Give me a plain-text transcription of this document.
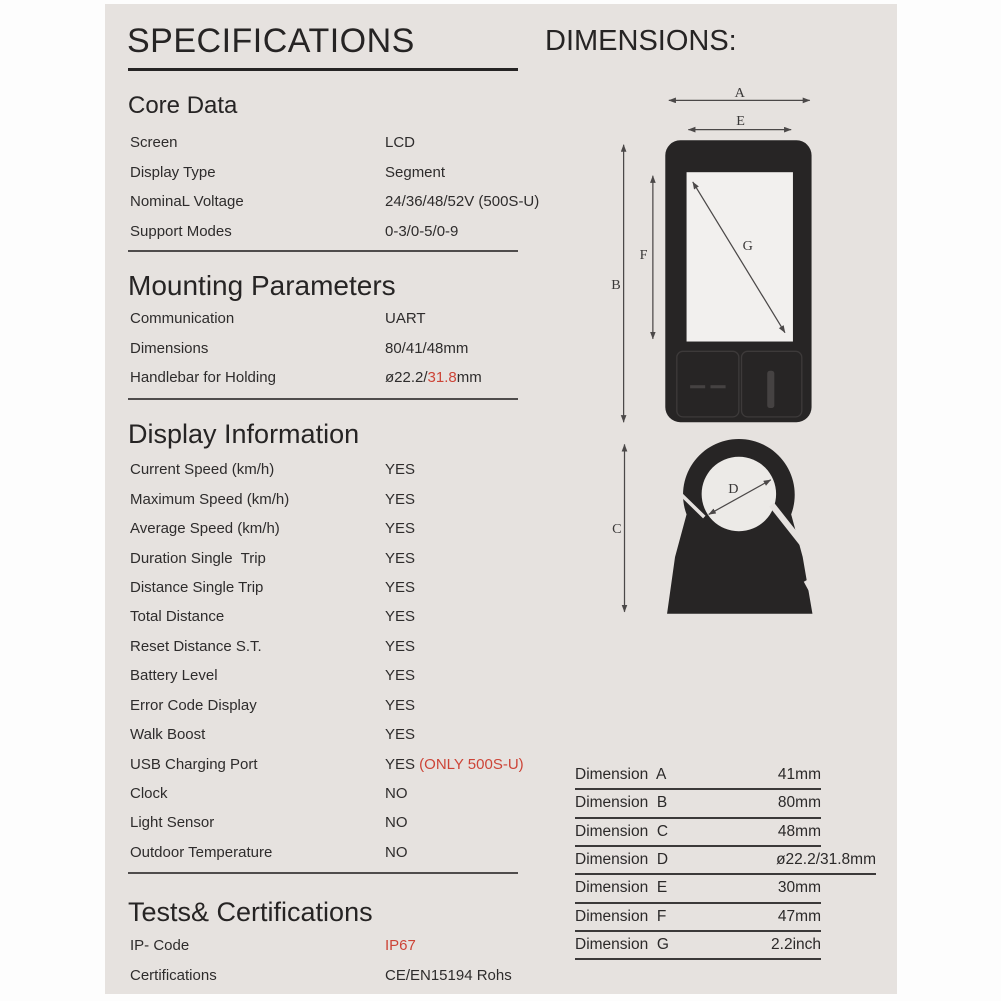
SPECIFICATIONS
Core Data
Screen	LCD
Display Type	Segment
NominaL Voltage	24/36/48/52V (500S-U)
Support Modes	0-3/0-5/0-9
Mounting Parameters
Communication	UART
Dimensions	80/41/48mm
Handlebar for Holding	ø22.2/31.8mm
Display Information
Current Speed (km/h)	YES
Maximum Speed (km/h)	YES
Average Speed (km/h)	YES
Duration Single  Trip	YES
Distance Single Trip	YES
Total Distance	YES
Reset Distance S.T.	YES
Battery Level	YES
Error Code Display	YES
Walk Boost	YES
USB Charging Port	YES (ONLY 500S-U)
Clock	NO
Light Sensor	NO
Outdoor Temperature	NO
Tests& Certifications
IP- Code	IP67
Certifications	CE/EN15194 Rohs
DIMENSIONS:
A
E
B
F
G
C
D
Dimension  A	41mm
Dimension  B	80mm
Dimension  C	48mm
Dimension  D	ø22.2/31.8mm
Dimension  E	30mm
Dimension  F	47mm
Dimension  G	2.2inch
